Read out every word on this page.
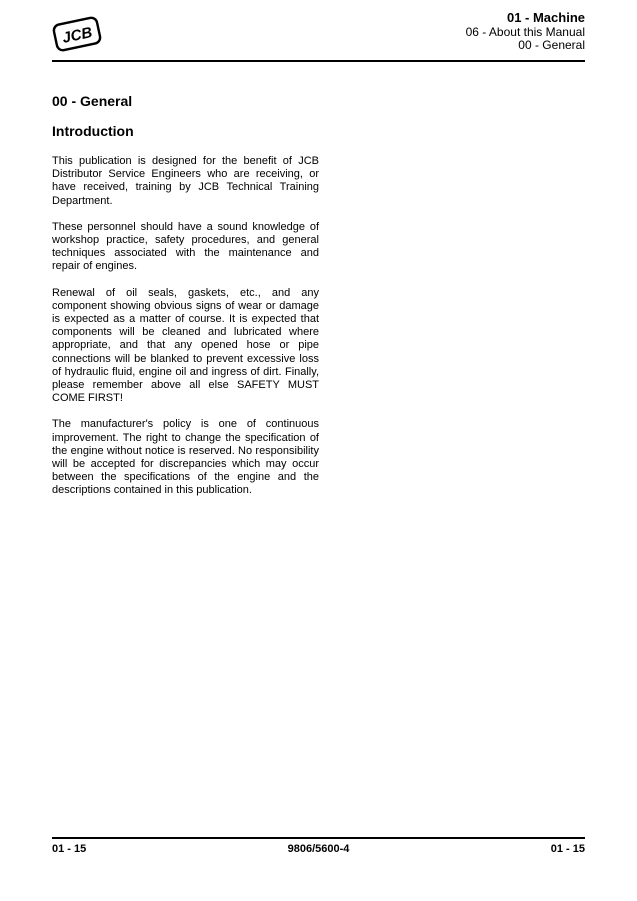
JCB
01 - Machine
06 - About this Manual
00 - General
00 - General
Introduction

This publication is designed for the benefit of JCB Distributor Service Engineers who are receiving, or have received, training by JCB Technical Training Department.

These personnel should have a sound knowledge of workshop practice, safety procedures, and general techniques associated with the maintenance and repair of engines.

Renewal of oil seals, gaskets, etc., and any component showing obvious signs of wear or damage is expected as a matter of course. It is expected that components will be cleaned and lubricated where appropriate, and that any opened hose or pipe connections will be blanked to prevent excessive loss of hydraulic fluid, engine oil and ingress of dirt. Finally, please remember above all else SAFETY MUST COME FIRST!

The manufacturer's policy is one of continuous improvement. The right to change the specification of the engine without notice is reserved. No responsibility will be accepted for discrepancies which may occur between the specifications of the engine and the descriptions contained in this publication.

9806/5600-4
01 - 15	01 - 15
